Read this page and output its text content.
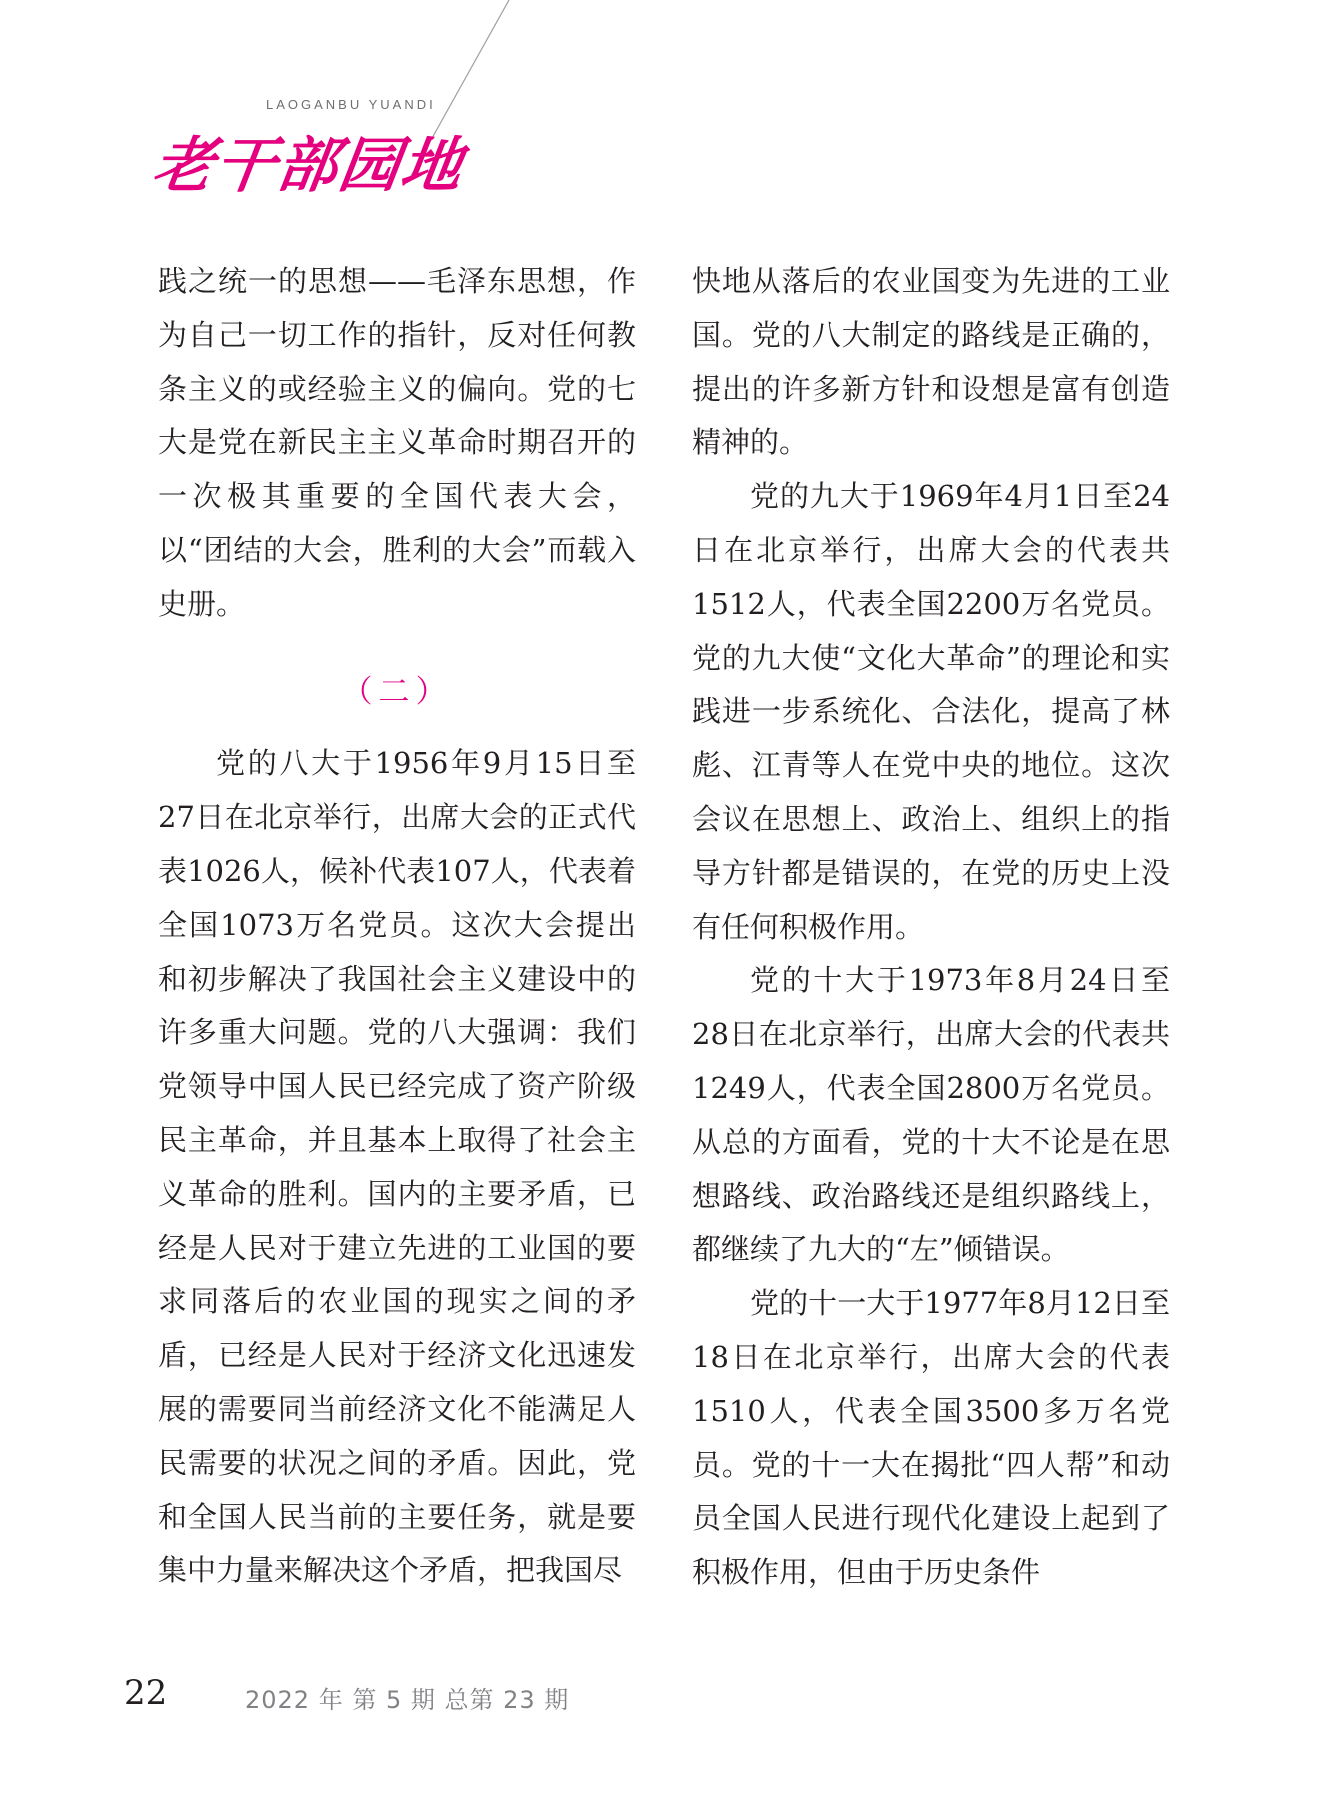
LAOGANBU YUANDI
老干部园地

践之统一的思想——毛泽东思想，作为自己一切工作的指针，反对任何教条主义的或经验主义的偏向。党的七大是党在新民主主义革命时期召开的一次极其重要的全国代表大会，以“团结的大会，胜利的大会”而载入史册。

（二）

党的八大于1956年9月15日至27日在北京举行，出席大会的正式代表1026人，候补代表107人，代表着全国1073万名党员。这次大会提出和初步解决了我国社会主义建设中的许多重大问题。党的八大强调：我们党领导中国人民已经完成了资产阶级民主革命，并且基本上取得了社会主义革命的胜利。国内的主要矛盾，已经是人民对于建立先进的工业国的要求同落后的农业国的现实之间的矛盾，已经是人民对于经济文化迅速发展的需要同当前经济文化不能满足人民需要的状况之间的矛盾。因此，党和全国人民当前的主要任务，就是要集中力量来解决这个矛盾，把我国尽

快地从落后的农业国变为先进的工业国。党的八大制定的路线是正确的，提出的许多新方针和设想是富有创造精神的。

党的九大于1969年4月1日至24日在北京举行，出席大会的代表共1512人，代表全国2200万名党员。党的九大使“文化大革命”的理论和实践进一步系统化、合法化，提高了林彪、江青等人在党中央的地位。这次会议在思想上、政治上、组织上的指导方针都是错误的，在党的历史上没有任何积极作用。

党的十大于1973年8月24日至28日在北京举行，出席大会的代表共1249人，代表全国2800万名党员。从总的方面看，党的十大不论是在思想路线、政治路线还是组织路线上，都继续了九大的“左”倾错误。

党的十一大于1977年8月12日至18日在北京举行，出席大会的代表1510人，代表全国3500多万名党员。党的十一大在揭批“四人帮”和动员全国人民进行现代化建设上起到了积极作用，但由于历史条件

22	2022 年 第 5 期 总第 23 期
